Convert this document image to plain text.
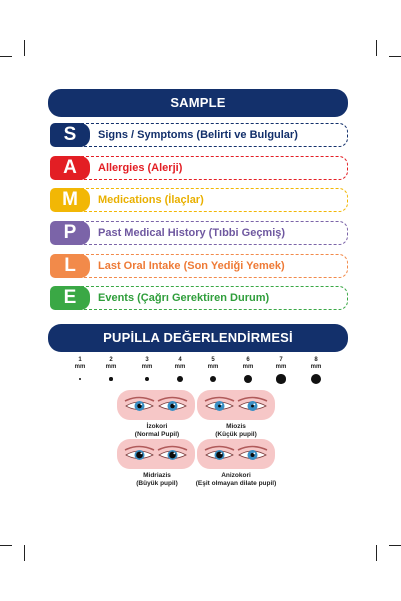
SAMPLE
S	Signs / Symptoms (Belirti ve Bulgular)
A	Allergies (Alerji)
M	Medications (İlaçlar)
P	Past Medical History (Tıbbi Geçmiş)
L	Last Oral Intake (Son Yediği Yemek)
E	Events (Çağrı Gerektiren Durum)
PUPİLLA DEĞERLENDİRMESİ
1
mm
2
mm
3
mm
4
mm
5
mm
6
mm
7
mm
8
mm
İzokori
(Normal Pupil)
Miozis
(Küçük pupil)
Midriazis
(Büyük pupil)
Anizokori
(Eşit olmayan dilate pupil)
